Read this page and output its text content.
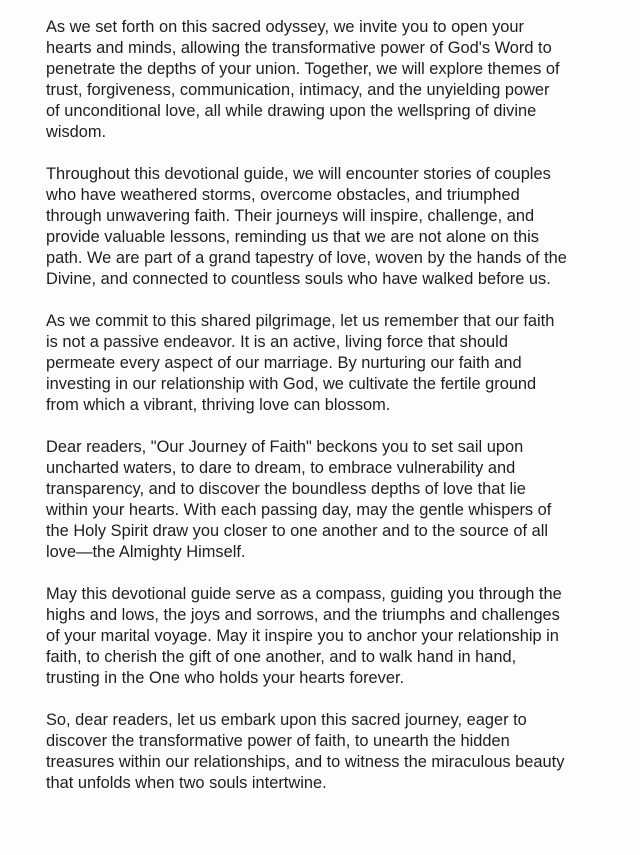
As we set forth on this sacred odyssey, we invite you to open your
hearts and minds, allowing the transformative power of God's Word to
penetrate the depths of your union. Together, we will explore themes of
trust, forgiveness, communication, intimacy, and the unyielding power
of unconditional love, all while drawing upon the wellspring of divine
wisdom.

Throughout this devotional guide, we will encounter stories of couples
who have weathered storms, overcome obstacles, and triumphed
through unwavering faith. Their journeys will inspire, challenge, and
provide valuable lessons, reminding us that we are not alone on this
path. We are part of a grand tapestry of love, woven by the hands of the
Divine, and connected to countless souls who have walked before us.

As we commit to this shared pilgrimage, let us remember that our faith
is not a passive endeavor. It is an active, living force that should
permeate every aspect of our marriage. By nurturing our faith and
investing in our relationship with God, we cultivate the fertile ground
from which a vibrant, thriving love can blossom.

Dear readers, "Our Journey of Faith" beckons you to set sail upon
uncharted waters, to dare to dream, to embrace vulnerability and
transparency, and to discover the boundless depths of love that lie
within your hearts. With each passing day, may the gentle whispers of
the Holy Spirit draw you closer to one another and to the source of all
love—the Almighty Himself.

May this devotional guide serve as a compass, guiding you through the
highs and lows, the joys and sorrows, and the triumphs and challenges
of your marital voyage. May it inspire you to anchor your relationship in
faith, to cherish the gift of one another, and to walk hand in hand,
trusting in the One who holds your hearts forever.

So, dear readers, let us embark upon this sacred journey, eager to
discover the transformative power of faith, to unearth the hidden
treasures within our relationships, and to witness the miraculous beauty
that unfolds when two souls intertwine.
